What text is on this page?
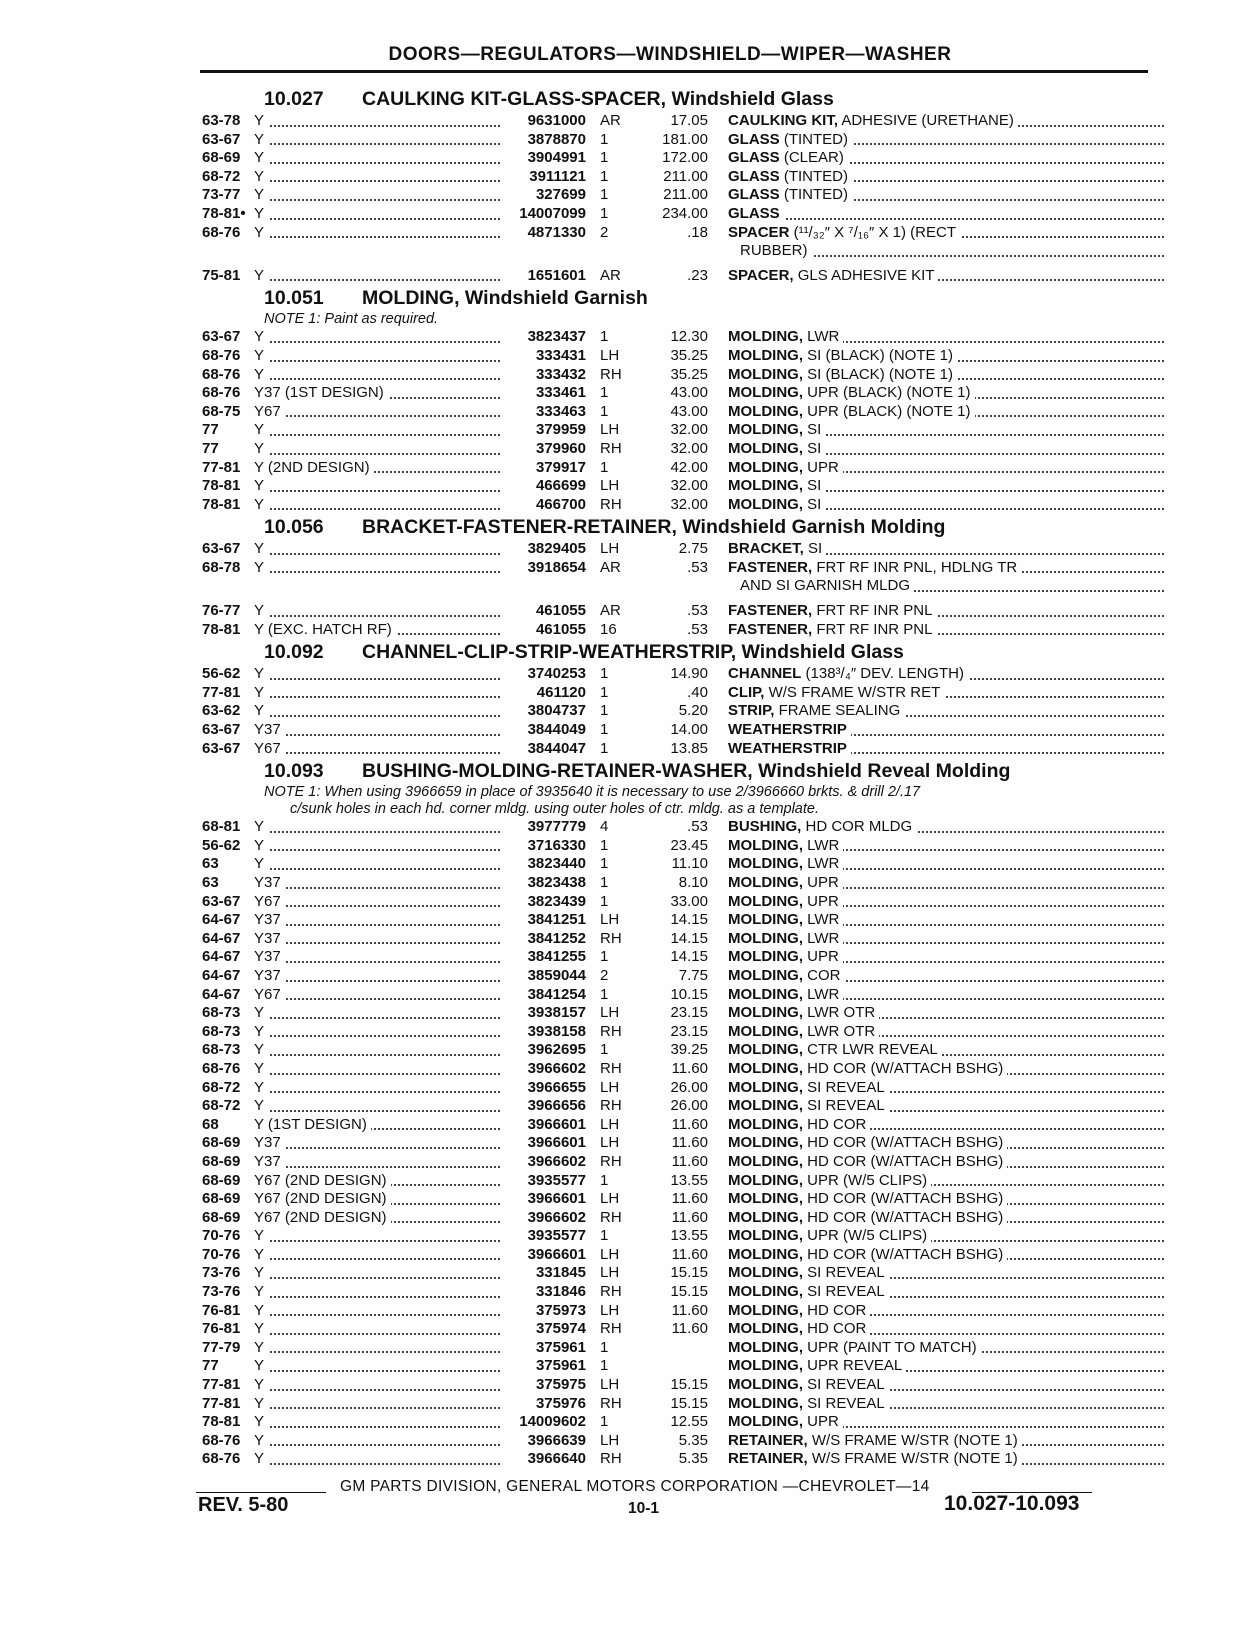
DOORS—REGULATORS—WINDSHIELD—WIPER—WASHER
10.027 CAULKING KIT-GLASS-SPACER, Windshield Glass
63-78 Y	9631000 AR	17.05	CAULKING KIT, ADHESIVE (URETHANE)
63-67 Y	3878870 1	181.00	GLASS (TINTED)
68-69 Y	3904991 1	172.00	GLASS (CLEAR)
68-72 Y	3911121 1	211.00	GLASS (TINTED)
73-77 Y	327699 1	211.00	GLASS (TINTED)
78-81• Y	14007099 1	234.00	GLASS
68-76 Y	4871330 2	.18	SPACER (¹¹/₃₂″ X ⁷/₁₆″ X 1) (RECT
RUBBER)
75-81 Y	1651601 AR	.23	SPACER, GLS ADHESIVE KIT
10.051 MOLDING, Windshield Garnish
NOTE 1: Paint as required.
63-67 Y	3823437 1	12.30	MOLDING, LWR
68-76 Y	333431 LH	35.25	MOLDING, SI (BLACK) (NOTE 1)
68-76 Y	333432 RH	35.25	MOLDING, SI (BLACK) (NOTE 1)
68-76 Y37 (1ST DESIGN)	333461 1	43.00	MOLDING, UPR (BLACK) (NOTE 1)
68-75 Y67	333463 1	43.00	MOLDING, UPR (BLACK) (NOTE 1)
77	Y	379959 LH	32.00	MOLDING, SI
77	Y	379960 RH	32.00	MOLDING, SI
77-81 Y (2ND DESIGN)	379917 1	42.00	MOLDING, UPR
78-81 Y	466699 LH	32.00	MOLDING, SI
78-81 Y	466700 RH	32.00	MOLDING, SI
10.056 BRACKET-FASTENER-RETAINER, Windshield Garnish Molding
63-67 Y	3829405 LH	2.75	BRACKET, SI
68-78 Y	3918654 AR	.53	FASTENER, FRT RF INR PNL, HDLNG TR
AND SI GARNISH MLDG
76-77 Y	461055 AR	.53	FASTENER, FRT RF INR PNL
78-81 Y (EXC. HATCH RF)	461055 16	.53	FASTENER, FRT RF INR PNL
10.092 CHANNEL-CLIP-STRIP-WEATHERSTRIP, Windshield Glass
56-62 Y	3740253 1	14.90	CHANNEL (138³/₄″ DEV. LENGTH)
77-81 Y	461120 1	.40	CLIP, W/S FRAME W/STR RET
63-62 Y	3804737 1	5.20	STRIP, FRAME SEALING
63-67 Y37	3844049 1	14.00	WEATHERSTRIP
63-67 Y67	3844047 1	13.85	WEATHERSTRIP
10.093 BUSHING-MOLDING-RETAINER-WASHER, Windshield Reveal Molding
NOTE 1: When using 3966659 in place of 3935640 it is necessary to use 2/3966660 brkts. & drill 2/.17
c/sunk holes in each hd. corner mldg. using outer holes of ctr. mldg. as a template.
68-81 Y	3977779 4	.53	BUSHING, HD COR MLDG
56-62 Y	3716330 1	23.45	MOLDING, LWR
63	Y	3823440 1	11.10	MOLDING, LWR
63	Y37	3823438 1	8.10	MOLDING, UPR
63-67 Y67	3823439 1	33.00	MOLDING, UPR
64-67 Y37	3841251 LH	14.15	MOLDING, LWR
64-67 Y37	3841252 RH	14.15	MOLDING, LWR
64-67 Y37	3841255 1	14.15	MOLDING, UPR
64-67 Y37	3859044 2	7.75	MOLDING, COR
64-67 Y67	3841254 1	10.15	MOLDING, LWR
68-73 Y	3938157 LH	23.15	MOLDING, LWR OTR
68-73 Y	3938158 RH	23.15	MOLDING, LWR OTR
68-73 Y	3962695 1	39.25	MOLDING, CTR LWR REVEAL
68-76 Y	3966602 RH	11.60	MOLDING, HD COR (W/ATTACH BSHG)
68-72 Y	3966655 LH	26.00	MOLDING, SI REVEAL
68-72 Y	3966656 RH	26.00	MOLDING, SI REVEAL
68	Y (1ST DESIGN)	3966601 LH	11.60	MOLDING, HD COR
68-69 Y37	3966601 LH	11.60	MOLDING, HD COR (W/ATTACH BSHG)
68-69 Y37	3966602 RH	11.60	MOLDING, HD COR (W/ATTACH BSHG)
68-69 Y67 (2ND DESIGN)	3935577 1	13.55	MOLDING, UPR (W/5 CLIPS)
68-69 Y67 (2ND DESIGN)	3966601 LH	11.60	MOLDING, HD COR (W/ATTACH BSHG)
68-69 Y67 (2ND DESIGN)	3966602 RH	11.60	MOLDING, HD COR (W/ATTACH BSHG)
70-76 Y	3935577 1	13.55	MOLDING, UPR (W/5 CLIPS)
70-76 Y	3966601 LH	11.60	MOLDING, HD COR (W/ATTACH BSHG)
73-76 Y	331845 LH	15.15	MOLDING, SI REVEAL
73-76 Y	331846 RH	15.15	MOLDING, SI REVEAL
76-81 Y	375973 LH	11.60	MOLDING, HD COR
76-81 Y	375974 RH	11.60	MOLDING, HD COR
77-79 Y	375961 1	MOLDING, UPR (PAINT TO MATCH)
77	Y	375961 1	MOLDING, UPR REVEAL
77-81 Y	375975 LH	15.15	MOLDING, SI REVEAL
77-81 Y	375976 RH	15.15	MOLDING, SI REVEAL
78-81 Y	14009602 1	12.55	MOLDING, UPR
68-76 Y	3966639 LH	5.35	RETAINER, W/S FRAME W/STR (NOTE 1)
68-76 Y	3966640 RH	5.35	RETAINER, W/S FRAME W/STR (NOTE 1)
GM PARTS DIVISION, GENERAL MOTORS CORPORATION —CHEVROLET—14
REV. 5-80	10-1	10.027-10.093
